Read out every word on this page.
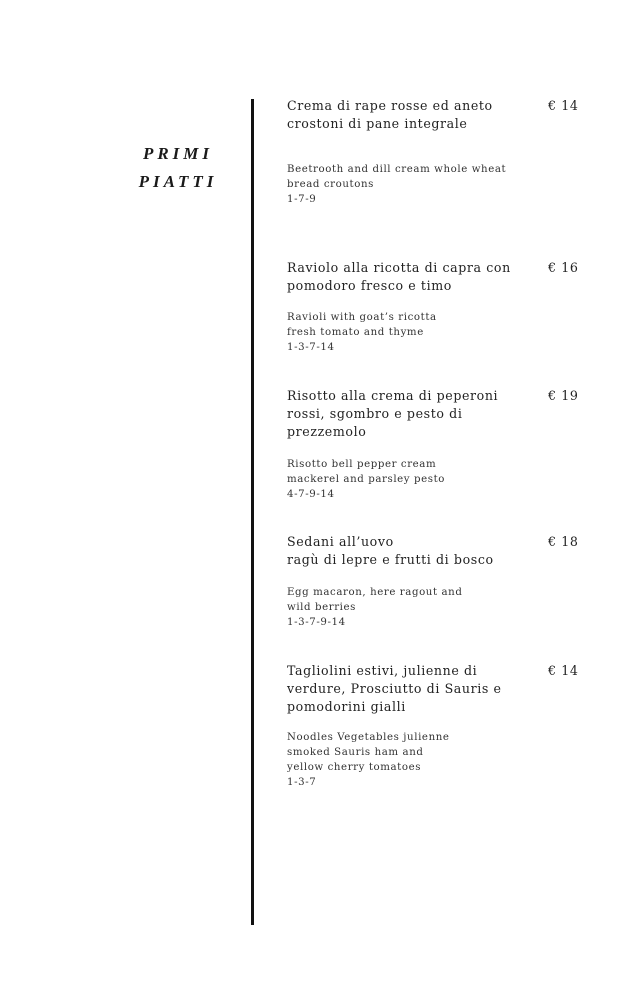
PRIMI
PIATTI
Crema di rape rosse ed aneto
crostoni di pane integrale
€ 14
Beetrooth and dill cream whole wheat
bread croutons
1-7-9
Raviolo alla ricotta di capra con
pomodoro fresco e timo
€ 16
Ravioli with goat’s ricotta
fresh tomato and thyme
1-3-7-14
Risotto alla crema di peperoni
rossi, sgombro e pesto di
prezzemolo
€ 19
Risotto bell pepper cream
mackerel and parsley pesto
4-7-9-14
Sedani all’uovo
ragù di lepre e frutti di bosco
€ 18
Egg macaron, here ragout and
wild berries
1-3-7-9-14
Tagliolini estivi, julienne di
verdure, Prosciutto di Sauris e
pomodorini gialli
€ 14
Noodles Vegetables julienne
smoked Sauris ham and
yellow cherry tomatoes
1-3-7
